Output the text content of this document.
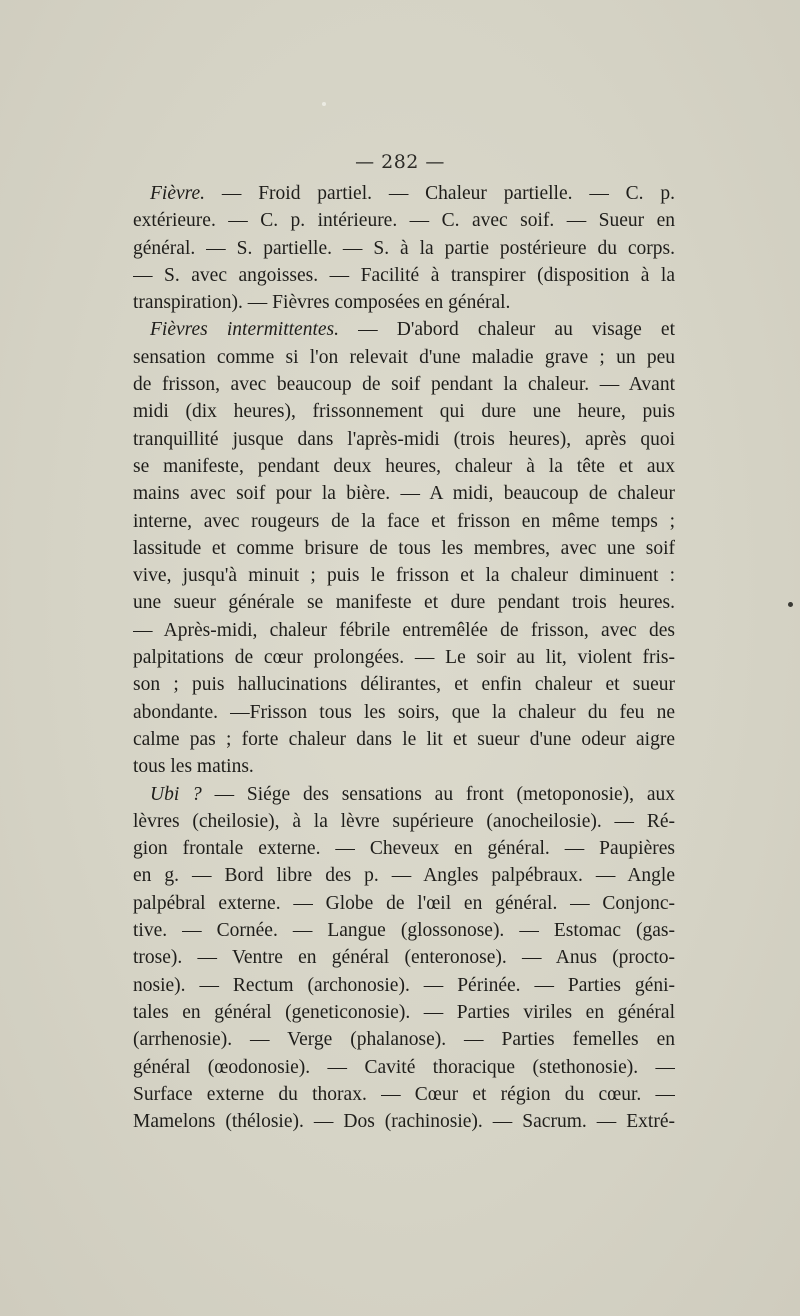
— 282 —
Fièvre. — Froid partiel. — Chaleur partielle. — C. p.
extérieure. — C. p. intérieure. — C. avec soif. — Sueur en
général. — S. partielle. — S. à la partie postérieure du corps.
— S. avec angoisses. — Facilité à transpirer (disposition à la
transpiration). — Fièvres composées en général.
Fièvres intermittentes. — D'abord chaleur au visage et
sensation comme si l'on relevait d'une maladie grave ; un peu
de frisson, avec beaucoup de soif pendant la chaleur. — Avant
midi (dix heures), frissonnement qui dure une heure, puis
tranquillité jusque dans l'après-midi (trois heures), après quoi
se manifeste, pendant deux heures, chaleur à la tête et aux
mains avec soif pour la bière. — A midi, beaucoup de chaleur
interne, avec rougeurs de la face et frisson en même temps ;
lassitude et comme brisure de tous les membres, avec une soif
vive, jusqu'à minuit ; puis le frisson et la chaleur diminuent :
une sueur générale se manifeste et dure pendant trois heures.
— Après-midi, chaleur fébrile entremêlée de frisson, avec des
palpitations de cœur prolongées. — Le soir au lit, violent fris-
son ; puis hallucinations délirantes, et enfin chaleur et sueur
abondante. —Frisson tous les soirs, que la chaleur du feu ne
calme pas ; forte chaleur dans le lit et sueur d'une odeur aigre
tous les matins.
Ubi ? — Siége des sensations au front (metoponosie), aux
lèvres (cheilosie), à la lèvre supérieure (anocheilosie). — Ré-
gion frontale externe. — Cheveux en général. — Paupières
en g. — Bord libre des p. — Angles palpébraux. — Angle
palpébral externe. — Globe de l'œil en général. — Conjonc-
tive. — Cornée. — Langue (glossonose). — Estomac (gas-
trose). — Ventre en général (enteronose). — Anus (procto-
nosie). — Rectum (archonosie). — Périnée. — Parties géni-
tales en général (geneticonosie). — Parties viriles en général
(arrhenosie). — Verge (phalanose). — Parties femelles en
général (œodonosie). — Cavité thoracique (stethonosie). —
Surface externe du thorax. — Cœur et région du cœur. —
Mamelons (thélosie). — Dos (rachinosie). — Sacrum. — Extré-
